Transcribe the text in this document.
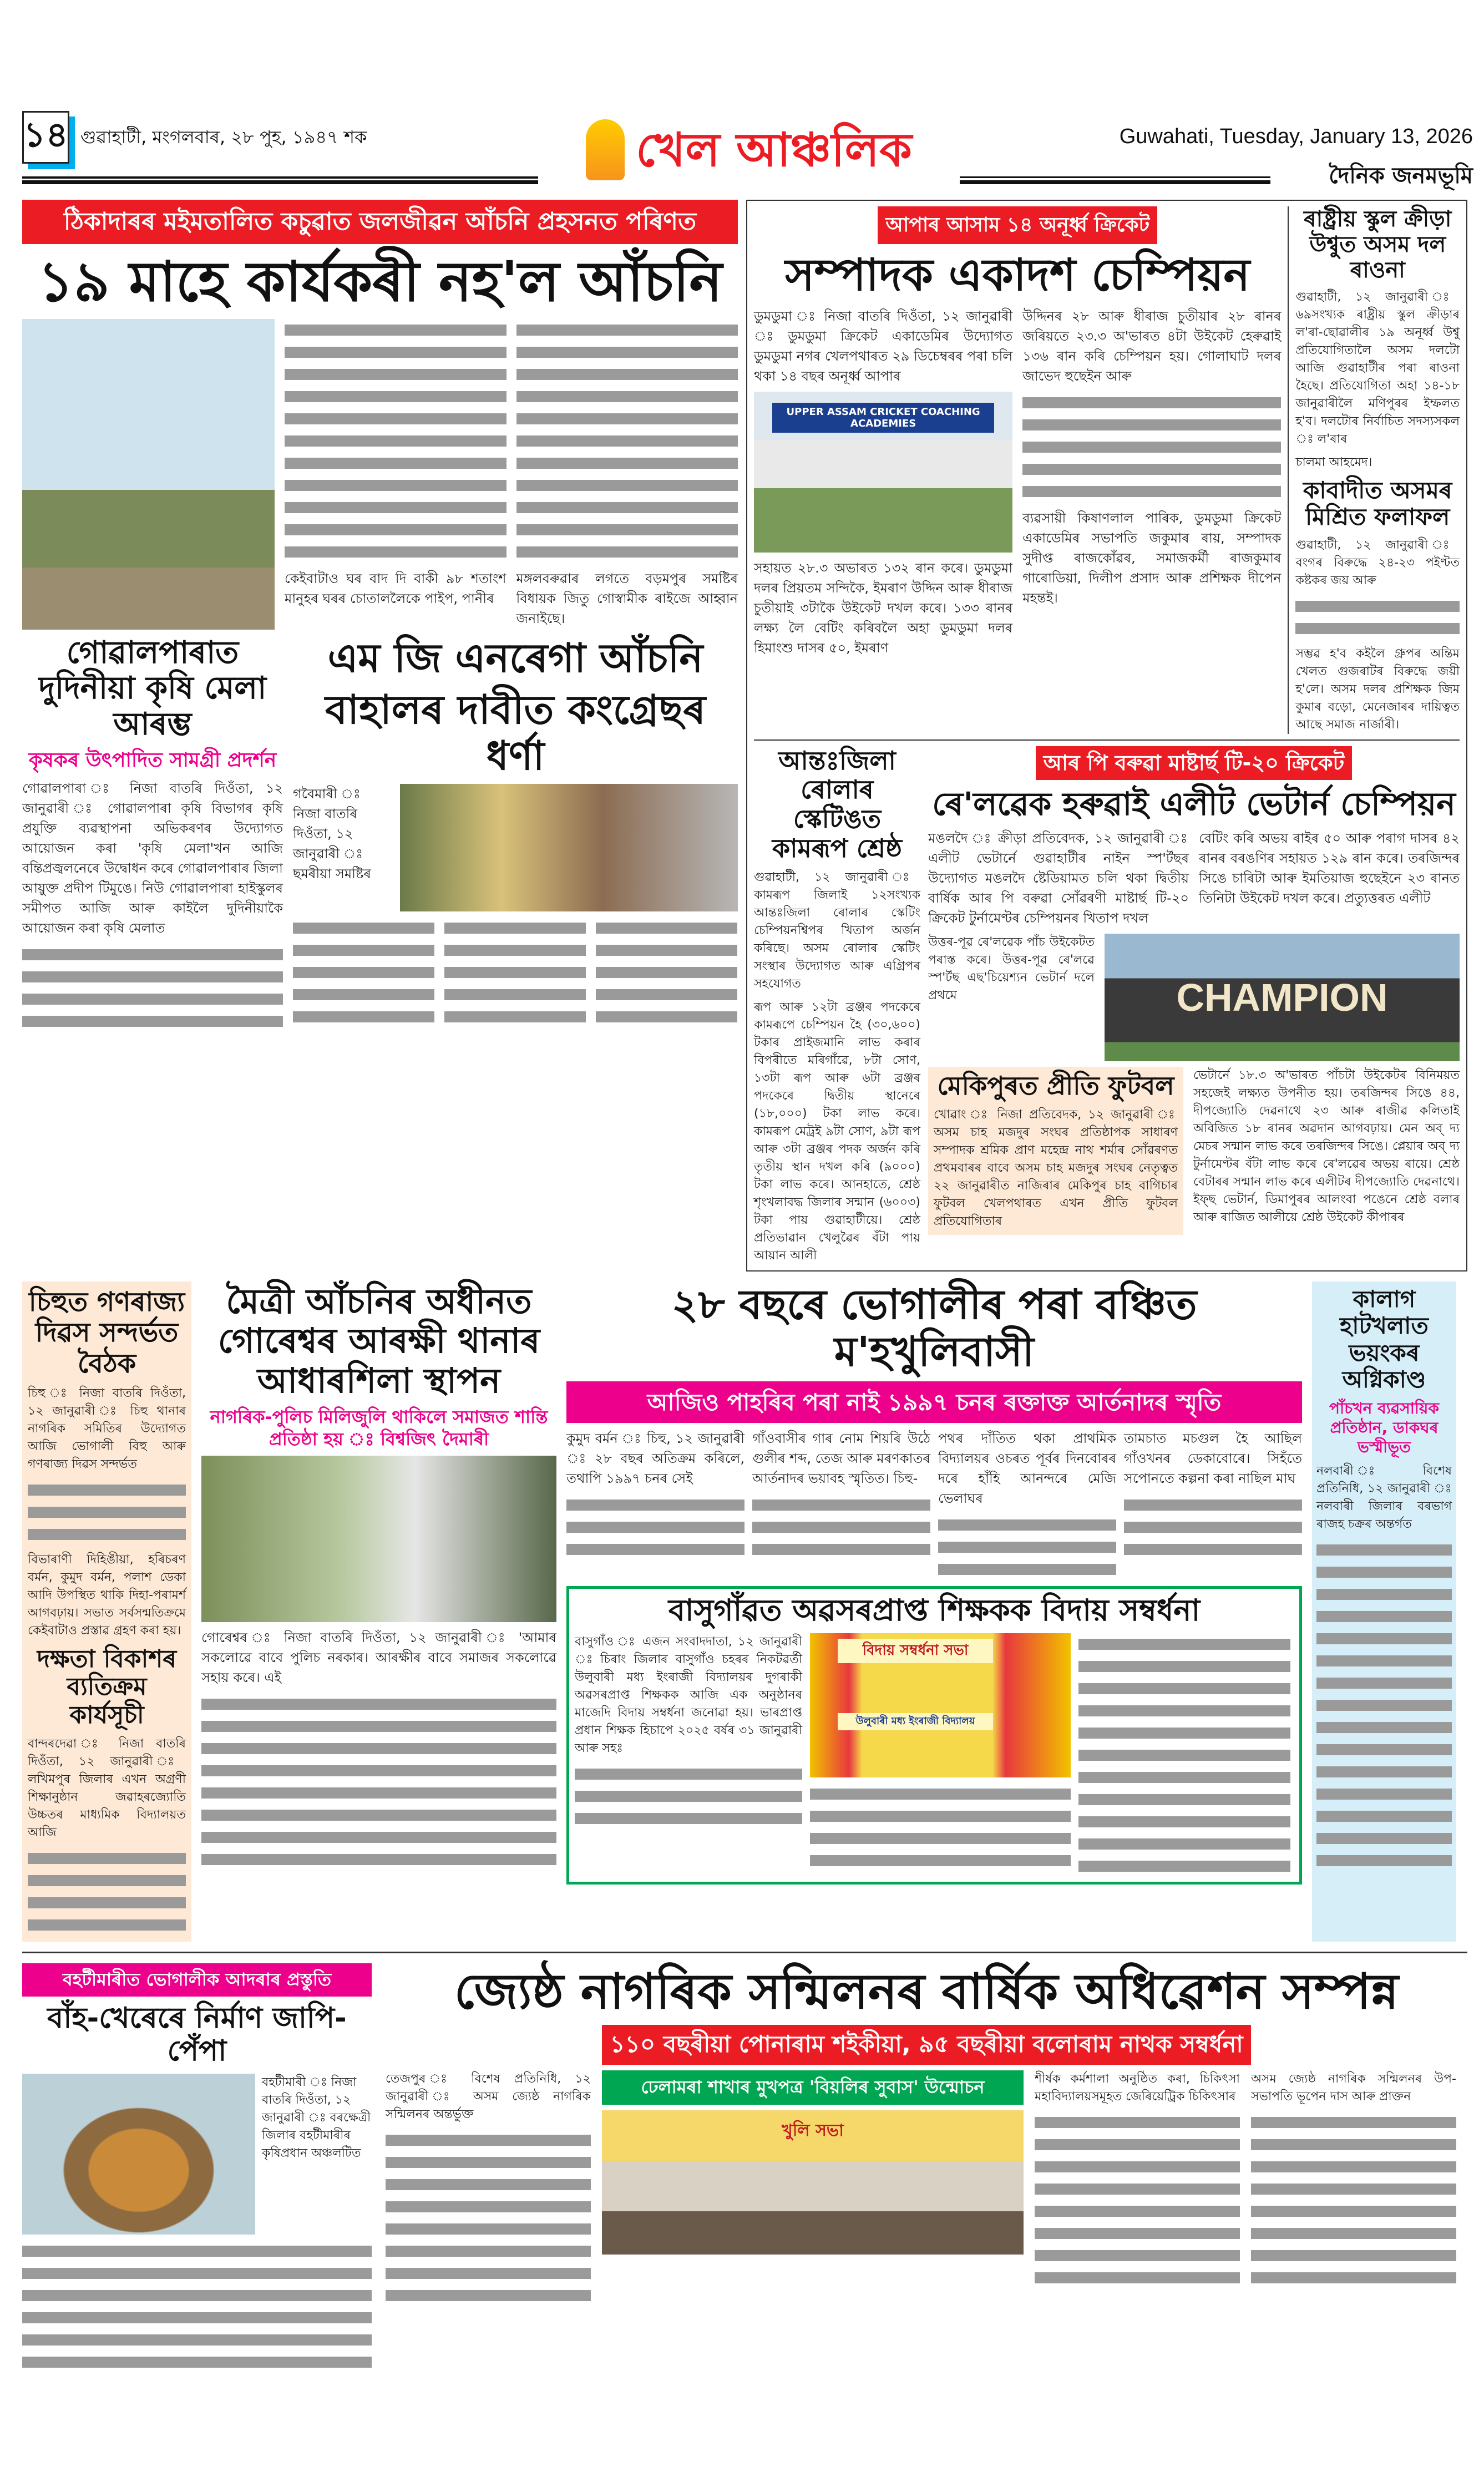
১৪ গুৱাহাটী, মংগলবাৰ, ২৮ পুহ, ১৯৪৭ শক	খেল আঞ্চলিক	Guwahati, Tuesday, January 13, 2026
দৈনিক জনমভূমি
ঠিকাদাৰৰ মইমতালিত কচুৱাত জলজীৱন আঁচনি প্ৰহসনত পৰিণত
১৯ মাহে কাৰ্যকৰী নহ'ল আঁচনি
কেইবাটাও ঘৰ বাদ দি বাকী ৯৮ শতাংশ মানুহৰ ঘৰৰ চোতাললৈকে পাইপ, পানীৰ
মঙ্গলবৰুৱাৰ লগতে বড়মপুৰ সমষ্টিৰ বিধায়ক জিতু গোস্বামীক ৰাইজে আহ্বান জনাইছে।
গোৱালপাৰাত দুদিনীয়া কৃষি মেলা আৰম্ভ
কৃষকৰ উৎপাদিত সামগ্ৰী প্ৰদৰ্শন
গোৱালপাৰা ঃ নিজা বাতৰি দিওঁতা, ১২ জানুৱাৰী ঃ গোৱালপাৰা কৃষি বিভাগৰ কৃষি প্ৰযুক্তি ব্যৱস্থাপনা অভিকৰণৰ উদ্যোগত আয়োজন কৰা 'কৃষি মেলা'খন আজি বন্তিপ্ৰজ্বলনেৰে উদ্বোধন কৰে গোৱালপাৰাৰ জিলা আয়ুক্ত প্ৰদীপ টিমুঙে। নিউ গোৱালপাৰা হাইস্কুলৰ সমীপত আজি আৰু কাইলৈ দুদিনীয়াকৈ আয়োজন কৰা কৃষি মেলাত
এম জি এনৰেগা আঁচনি
বাহালৰ দাবীত কংগ্ৰেছৰ ধৰ্ণা
গবৈমাৰী ঃ নিজা বাতৰি দিওঁতা, ১২ জানুৱাৰী ঃ ছমৰীয়া সমষ্টিৰ
আপাৰ আসাম ১৪ অনূৰ্ধ্ব ক্ৰিকেট
সম্পাদক একাদশ চেম্পিয়ন
ডুমডুমা ঃ নিজা বাতৰি দিওঁতা, ১২ জানুৱাৰী ঃ ডুমডুমা ক্ৰিকেট একাডেমিৰ উদ্যোগত ডুমডুমা নগৰ খেলপথাৰত ২৯ ডিচেম্বৰৰ পৰা চলি থকা ১৪ বছৰ অনূৰ্ধ্ব আপাৰ
UPPER ASSAM CRICKET COACHING ACADEMIES
সহায়ত ২৮.৩ অভাৰত ১৩২ ৰান কৰে। ডুমডুমা দলৰ প্ৰিয়তম সন্দিকৈ, ইমৰাণ উদ্দিন আৰু ধীৰাজ চুতীয়াই ৩টাকৈ উইকেট দখল কৰে। ১৩৩ ৰানৰ লক্ষ্য লৈ বেটিং কৰিবলৈ অহা ডুমডুমা দলৰ হিমাংশু দাসৰ ৫০, ইমৰাণ
উদ্দিনৰ ২৮ আৰু ধীৰাজ চুতীয়াৰ ২৮ ৰানৰ জৰিয়তে ২৩.৩ অ'ভাৰত ৪টা উইকেট হেৰুৱাই ১৩৬ ৰান কৰি চেম্পিয়ন হয়। গোলাঘাট দলৰ জাভেদ হুছেইন আৰু
ব্যৱসায়ী কিষাণলাল পাৰিক, ডুমডুমা ক্ৰিকেট একাডেমিৰ সভাপতি জকুমাৰ ৰায়, সম্পাদক সুদীপ্ত ৰাজকোঁৱৰ, সমাজকৰ্মী ৰাজকুমাৰ গাৰোডিয়া, দিলীপ প্ৰসাদ আৰু প্ৰশিক্ষক দীপেন মহন্তই।
ৰাষ্ট্ৰীয় স্কুল ক্ৰীড়া উশ্বুত অসম দল ৰাওনা
গুৱাহাটী, ১২ জানুৱাৰী ঃ ৬৯সংখ্যক ৰাষ্ট্ৰীয় স্কুল ক্ৰীড়াৰ ল'ৰা-ছোৱালীৰ ১৯ অনূৰ্ধ্ব উশ্বু প্ৰতিযোগিতালৈ অসম দলটো আজি গুৱাহাটীৰ পৰা ৰাওনা হৈছে। প্ৰতিযোগিতা অহা ১৪-১৮ জানুৱাৰীলৈ মণিপুৰৰ ইম্ফলত হ'ব। দলটোৰ নিৰ্বাচিত সদস্যসকল ঃ ল'ৰাৰ
চালমা আহমেদ।
কাবাদীত অসমৰ মিশ্ৰিত ফলাফল
গুৱাহাটী, ১২ জানুৱাৰী ঃ বংগৰ বিৰুদ্ধে ২৪-২৩ পইণ্টত কষ্টকৰ জয় আৰু
সম্ভৱ হ'ব কইলৈ গ্ৰুপৰ অন্তিম খেলত গুজৰাটৰ বিৰুদ্ধে জয়ী হ'লে। অসম দলৰ প্ৰশিক্ষক জিম কুমাৰ বড়ো, মেনেজাৰৰ দায়িত্বত আছে সমাজ নাৰ্জাৰী।
আন্তঃজিলা ৰোলাৰ স্কেটিঙত কামৰূপ শ্ৰেষ্ঠ
গুৱাহাটী, ১২ জানুৱাৰী ঃ কামৰূপ জিলাই ১২সংখ্যক আন্তঃজিলা ৰোলাৰ স্কেটিং চেম্পিয়নশ্বিপৰ খিতাপ অৰ্জন কৰিছে। অসম ৰোলাৰ স্কেটিং সংস্থাৰ উদ্যোগত আৰু এগ্ৰিপৰ সহযোগত
ৰূপ আৰু ১২টা ব্ৰঞ্জৰ পদকেৰে কামৰূপে চেম্পিয়ন হৈ (৩০,৬০০) টকাৰ প্ৰাইজমানি লাভ কৰাৰ বিপৰীতে মৰিগাঁৱে, ৮টা সোণ, ১৩টা ৰূপ আৰু ৬টা ব্ৰঞ্জৰ পদকেৰে দ্বিতীয় স্থানেৰে (১৮,০০০) টকা লাভ কৰে। কামৰূপ মেট্ৰই ৯টা সোণ, ৯টা ৰূপ আৰু ৩টা ব্ৰঞ্জৰ পদক অৰ্জন কৰি তৃতীয় স্থান দখল কৰি (৯০০০) টকা লাভ কৰে। আনহাতে, শ্ৰেষ্ঠ শৃংখলাবদ্ধ জিলাৰ সন্মান (৬০০৩) টকা পায় গুৱাহাটীয়ে। শ্ৰেষ্ঠ প্ৰতিভাৱান খেলুৱৈৰ বঁটা পায় আয়ান আলী
আৰ পি বৰুৱা মাষ্টাৰ্ছ টি-২০ ক্ৰিকেট
ৰে'লৱেক হৰুৱাই এলীট ভেটাৰ্ন চেম্পিয়ন
মঙলদৈ ঃ ক্ৰীড়া প্ৰতিবেদক, ১২ জানুৱাৰী ঃ এলীট ভেটাৰ্নে গুৱাহাটীৰ নাইন স্প'ৰ্টছৰ উদ্যোগত মঙলদৈ ষ্টেডিয়ামত চলি থকা দ্বিতীয় বাৰ্ষিক আৰ পি বৰুৱা সোঁৱৰণী মাষ্টাৰ্ছ টি-২০ ক্ৰিকেট টুৰ্নামেণ্টৰ চেম্পিয়নৰ খিতাপ দখল
বেটিং কৰি অভয় ৰাইৰ ৫০ আৰু পৰাগ দাসৰ ৪২ ৰানৰ বৰঙণিৰ সহায়ত ১২৯ ৰান কৰে। তৰজিন্দৰ সিঙে চাৰিটা আৰু ইমতিয়াজ হুছেইনে ২৩ ৰানত তিনিটা উইকেট দখল কৰে। প্ৰত্যুত্তৰত এলীট
উত্তৰ-পূৱ ৰে'লৱেক পাঁচ উইকেটত পৰাস্ত কৰে। উত্তৰ-পূৱ ৰে'লৱে স্প'ৰ্টছ এছ'চিয়েশ্যন ভেটাৰ্ন দলে প্ৰথমে	CHAMPION
মেকিপুৰত প্ৰীতি ফুটবল
খোৱাং ঃ নিজা প্ৰতিবেদক, ১২ জানুৱাৰী ঃ অসম চাহ মজদুৰ সংঘৰ প্ৰতিষ্ঠাপক সাধাৰণ সম্পাদক শ্ৰমিক প্ৰাণ মহেন্দ্ৰ নাথ শৰ্মাৰ সোঁৱৰণত প্ৰথমবাৰৰ বাবে অসম চাহ মজদুৰ সংঘৰ নেতৃত্বত ২২ জানুৱাৰীত নাজিৰাৰ মেকিপুৰ চাহ বাগিচাৰ ফুটবল খেলপথাৰত এখন প্ৰীতি ফুটবল প্ৰতিযোগিতাৰ
ভেটাৰ্নে ১৮.৩ অ'ভাৰত পাঁচটা উইকেটৰ বিনিময়ত সহজেই লক্ষ্যত উপনীত হয়। তৰজিন্দৰ সিঙে ৪৪, দীপজ্যোতি দেৱনাথে ২৩ আৰু ৰাজীৱ কলিতাই অবিজিত ১৮ ৰানৰ অৱদান আগবঢ়ায়। মেন অব্ দ্য মেচৰ সন্মান লাভ কৰে তৰজিন্দৰ সিঙে। প্লেয়াৰ অব্ দ্য টুৰ্নামেণ্টৰ বঁটা লাভ কৰে ৰে'লৱেৰ অভয় ৰায়ে। শ্ৰেষ্ঠ বেটাৰৰ সন্মান লাভ কৰে এলীটৰ দীপজ্যোতি দেৱনাথে। ইফ্ছ ভেটাৰ্ন, ডিমাপুৰৰ আলংবা পঙেনে শ্ৰেষ্ঠ বলাৰ আৰু ৰাজিত আলীয়ে শ্ৰেষ্ঠ উইকেট কীপাৰৰ
চিহুত গণৰাজ্য দিৱস সন্দৰ্ভত বৈঠক
চিহু ঃ নিজা বাতৰি দিওঁতা, ১২ জানুৱাৰী ঃ চিহু থানাৰ নাগৰিক সমিতিৰ উদ্যোগত আজি ভোগালী বিহু আৰু গণৰাজ্য দিৱস সন্দৰ্ভত
বিভাৰাণী দিহিঙীয়া, হৰিচৰণ বৰ্মন, কুমুদ বৰ্মন, পলাশ ডেকা আদি উপস্থিত থাকি দিহা-পৰামৰ্শ আগবঢ়ায়। সভাত সৰ্বসন্মতিক্ৰমে কেইবাটাও প্ৰস্তাৱ গ্ৰহণ কৰা হয়।
দক্ষতা বিকাশৰ ব্যতিক্ৰম কাৰ্যসূচী
বান্দৰদেৱা ঃ নিজা বাতৰি দিওঁতা, ১২ জানুৱাৰী ঃ লখিমপুৰ জিলাৰ এখন অগ্ৰণী শিক্ষানুষ্ঠান জৱাহৰজ্যোতি উচ্চতৰ মাধ্যমিক বিদ্যালয়ত আজি
মৈত্ৰী আঁচনিৰ অধীনত গোৰেশ্বৰ আৰক্ষী থানাৰ আধাৰশিলা স্থাপন
নাগৰিক-পুলিচ মিলিজুলি থাকিলে সমাজত শান্তি প্ৰতিষ্ঠা হয় ঃ বিশ্বজিৎ দৈমাৰী
গোৰেশ্বৰ ঃ নিজা বাতৰি দিওঁতা, ১২ জানুৱাৰী ঃ 'আমাৰ সকলোৱে বাবে পুলিচ নৰকাৰ। আৰক্ষীৰ বাবে সমাজৰ সকলোৱে সহায় কৰে। এই
২৮ বছৰে ভোগালীৰ পৰা বঞ্চিত ম'হখুলিবাসী
আজিও পাহৰিব পৰা নাই ১৯৯৭ চনৰ ৰক্তাক্ত আৰ্তনাদৰ স্মৃতি
কুমুদ বৰ্মন ঃ চিহু, ১২ জানুৱাৰী ঃ ২৮ বছৰ অতিক্ৰম কৰিলে, তথাপি ১৯৯৭ চনৰ সেই
গাঁওবাসীৰ গাৰ নোম শিয়ৰি উঠে গুলীৰ শব্দ, তেজ আৰু মৰণকাতৰ আৰ্তনাদৰ ভয়াবহ স্মৃতিত। চিহু-
পথৰ দাঁতিত থকা প্ৰাথমিক বিদ্যালয়ৰ ওচৰত পূৰ্বৰ দিনবোৰৰ দৰে হাঁহি আনন্দৰে মেজি ভেলাঘৰ
তামচাত মচগুল হৈ আছিল গাঁওখনৰ ডেকাবোৰে। সিহঁতে সপোনতে কল্পনা কৰা নাছিল মাঘ
বাসুগাঁৱত অৱসৰপ্ৰাপ্ত শিক্ষকক বিদায় সম্বৰ্ধনা
বাসুগাঁও ঃ এজন সংবাদদাতা, ১২ জানুৱাৰী ঃ চিৰাং জিলাৰ বাসুগাঁও চহৰৰ নিকটৱৰ্তী উলুবাৰী মধ্য ইংৰাজী বিদ্যালয়ৰ দুগৰাকী অৱসৰপ্ৰাপ্ত শিক্ষকক আজি এক অনুষ্ঠানৰ মাজেদি বিদায় সম্বৰ্ধনা জনোৱা হয়। ভাৰপ্ৰাপ্ত প্ৰধান শিক্ষক হিচাপে ২০২৫ বৰ্ষৰ ৩১ জানুৱাৰী আৰু সহঃ
বিদায় সম্বৰ্ধনা সভা
উলুবাৰী মধ্য ইংৰাজী বিদ্যালয়
কালাগ হাটখলাত ভয়ংকৰ অগ্নিকাণ্ড
পাঁচখন ব্যৱসায়িক প্ৰতিষ্ঠান, ডাকঘৰ ভস্মীভূত
নলবাৰী ঃ বিশেষ প্ৰতিনিধি, ১২ জানুৱাৰী ঃ নলবাৰী জিলাৰ বৰভাগ ৰাজহ চক্ৰৰ অন্তৰ্গত
বহটীমাৰীত ভোগালীক আদৰাৰ প্ৰস্তুতি
বাঁহ-খেৰেৰে নিৰ্মাণ জাপি-পেঁপা
বহটীমাৰী ঃ নিজা বাতৰি দিওঁতা, ১২ জানুৱাৰী ঃ বৰক্ষেত্ৰী জিলাৰ বহটীমাৰীৰ কৃষিপ্ৰধান অঞ্চলটিত
জ্যেষ্ঠ নাগৰিক সন্মিলনৰ বাৰ্ষিক অধিৱেশন সম্পন্ন
১১০ বছৰীয়া পোনাৰাম শইকীয়া, ৯৫ বছৰীয়া বলোৰাম নাথক সম্বৰ্ধনা
তেজপুৰ ঃ বিশেষ প্ৰতিনিধি, ১২ জানুৱাৰী ঃ অসম জ্যেষ্ঠ নাগৰিক সন্মিলনৰ অন্তৰ্ভুক্ত
ঢেলামৰা শাখাৰ মুখপত্ৰ 'বিয়লিৰ সুবাস' উন্মোচন
খুলি সভা
শীৰ্ষক কৰ্মশালা অনুষ্ঠিত কৰা, চিকিৎসা মহাবিদ্যালয়সমূহত জেৰিয়েট্ৰিক চিকিৎসাৰ
অসম জ্যেষ্ঠ নাগৰিক সন্মিলনৰ উপ-সভাপতি ভূপেন দাস আৰু প্ৰাক্তন
